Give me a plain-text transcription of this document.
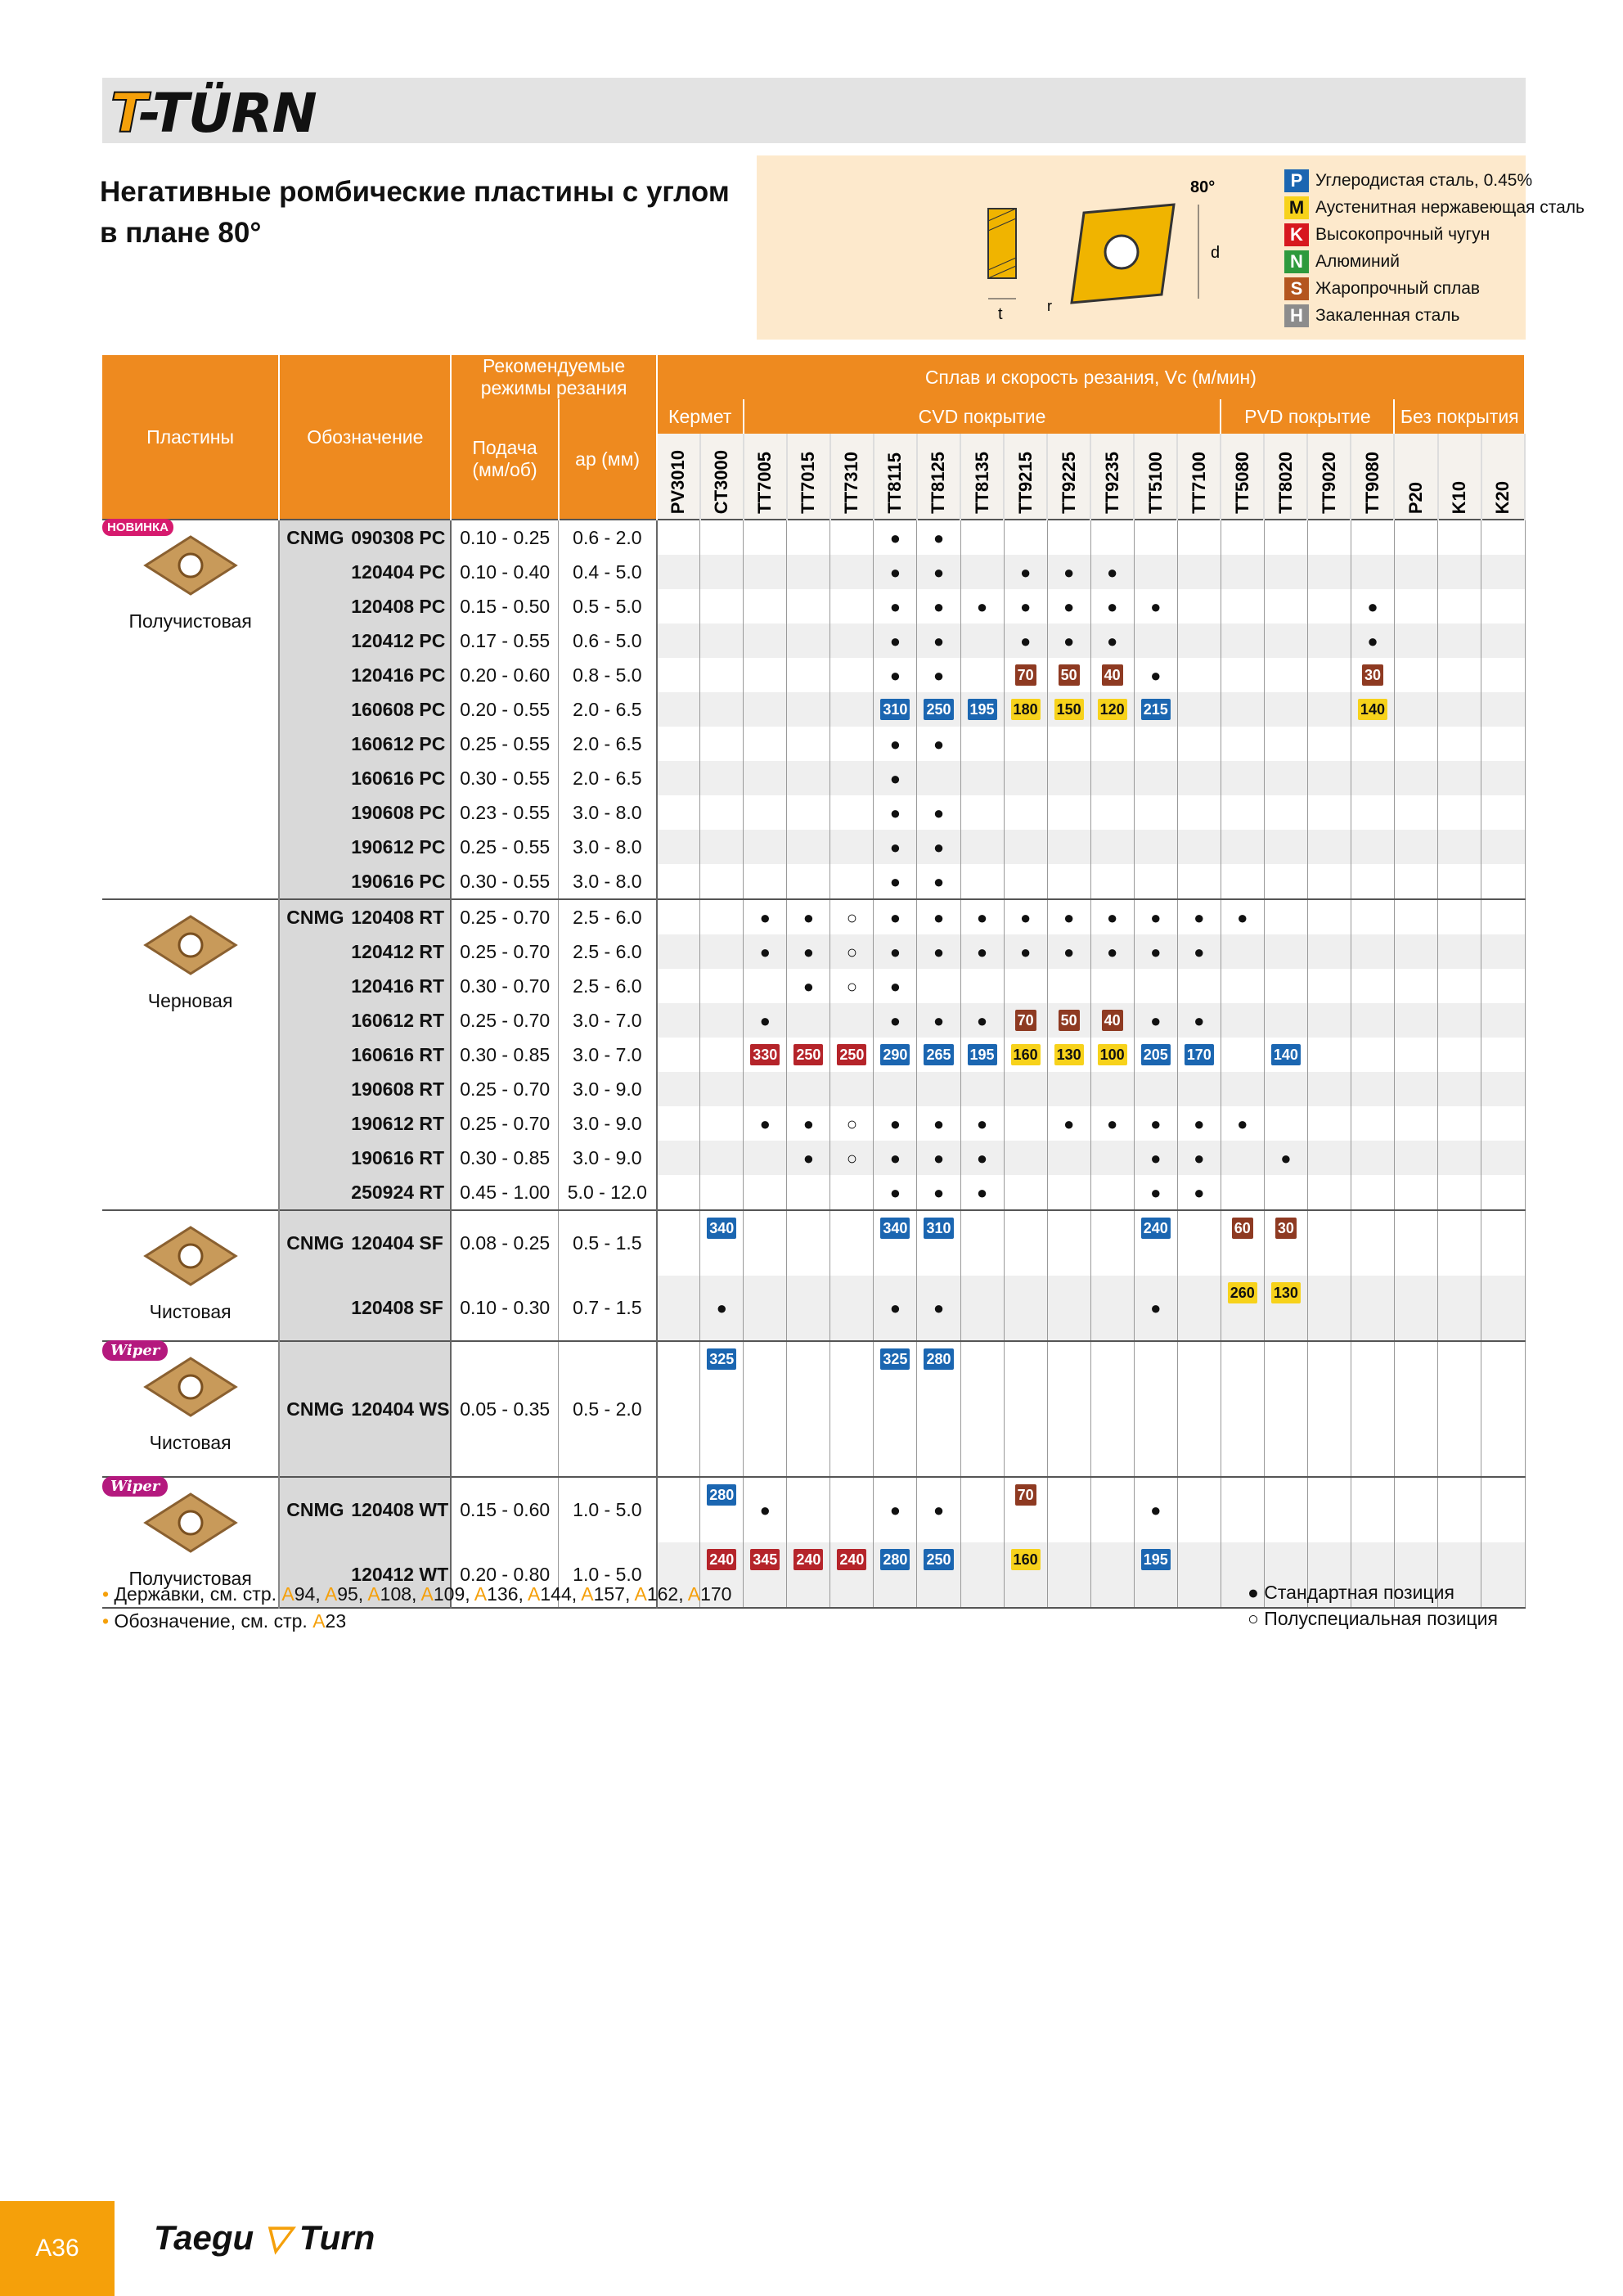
T-TÜRN
Негативные ромбические пластины с углом в плане 80°
t
d
80°
r
P Углеродистая сталь, 0.45%
M Аустенитная нержавеющая сталь
K Высокопрочный чугун
N Алюминий
S Жаропрочный сплав
H Закаленная сталь
Пластины	Обозначение		Рекомендуемые режимы резания		Сплав и скорость резания, Vc (м/мин)																			
			Подача (мм/об)	ap (мм)	Кермет		CVD покрытие											PVD покрытие				Без покрытия		

					PV3010	CT3000	TT7005	TT7015	TT7310	TT8115	TT8125	TT8135	TT9215	TT9225	TT9235	TT5100	TT7100	TT5080	TT8020	TT9020	TT9080	P20	K10	K20

Получистовая
НОВИНКА	CNMG	090308 PC	0.10 - 0.25	0.6 - 2.0						●	●													
		120404 PC	0.10 - 0.40	0.4 - 5.0						●	●		●	●	●									
		120408 PC	0.15 - 0.50	0.5 - 5.0						●	●	●	●	●	●	●					●			
		120412 PC	0.17 - 0.55	0.6 - 5.0						●	●		●	●	●						●			
		120416 PC	0.20 - 0.60	0.8 - 5.0						●	●		70	50	40	●					30			

		160608 PC	0.20 - 0.55	2.0 - 6.5						310	250	195	180	150	120	215					140			

		160612 PC	0.25 - 0.55	2.0 - 6.5						●	●													
		160616 PC	0.30 - 0.55	2.0 - 6.5						●														
		190608 PC	0.23 - 0.55	3.0 - 8.0						●	●													
		190612 PC	0.25 - 0.55	3.0 - 8.0						●	●													
		190616 PC	0.30 - 0.55	3.0 - 8.0						●	●													

Черновая	CNMG	120408 RT	0.25 - 0.70	2.5 - 6.0			●	●	○	●	●	●	●	●	●	●	●	●						
		120412 RT	0.25 - 0.70	2.5 - 6.0			●	●	○	●	●	●	●	●	●	●	●							
		120416 RT	0.30 - 0.70	2.5 - 6.0				●	○	●														
		160612 RT	0.25 - 0.70	3.0 - 7.0			●			●	●	●	70	50	40	●	●							
		160616 RT	0.30 - 0.85	3.0 - 7.0			330	250	250	290	265	195	160	130	100	205	170		140					

		190608 RT	0.25 - 0.70	3.0 - 9.0																				
		190612 RT	0.25 - 0.70	3.0 - 9.0			●	●	○	●	●	●		●	●	●	●	●						
		190616 RT	0.30 - 0.85	3.0 - 9.0				●	○	●	●	●				●	●		●					
		250924 RT	0.45 - 1.00	5.0 - 12.0						●	●	●				●	●							

Чистовая	CNMG	120404 SF	0.08 - 0.25	0.5 - 1.5		340				340	310					240		60	30					

		120408 SF	0.10 - 0.30	0.7 - 1.5		●				●	●					●		260	130					

Чистовая
Wiper	CNMG	120404 WS	0.05 - 0.35	0.5 - 2.0		325				325	280													

Получистовая
Wiper	CNMG	120408 WT	0.15 - 0.60	1.0 - 5.0		280	●			●	●		70			●								
		120412 WT	0.20 - 0.80	1.0 - 5.0		240	345	240	240	280	250		160			195								

• Державки, см. стр. A94, A95, A108, A109, A136, A144, A157, A162, A170
• Обозначение, см. стр. A23
● Стандартная позиция
○ Полуспециальная позиция
A36	Taegu ▽ Turn
